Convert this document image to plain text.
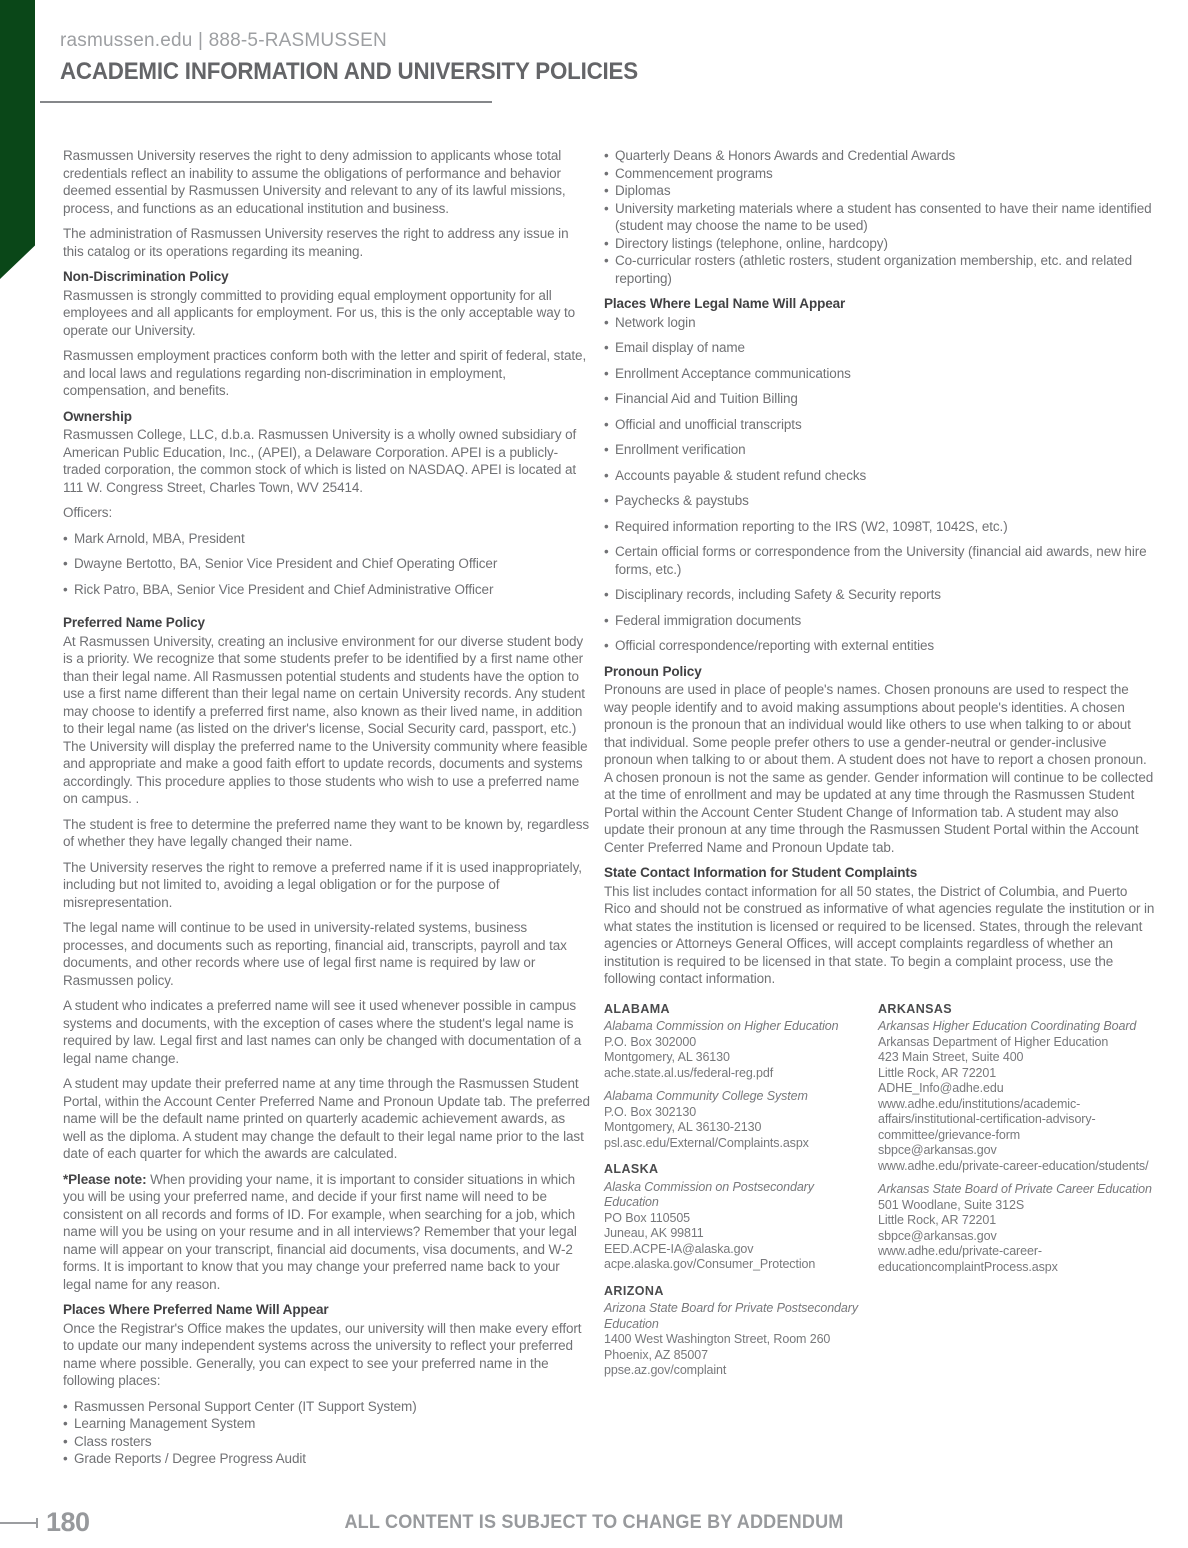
rasmussen.edu | 888-5-RASMUSSEN
ACADEMIC INFORMATION AND UNIVERSITY POLICIES

Rasmussen University reserves the right to deny admission to applicants whose total credentials reflect an inability to assume the obligations of performance and behavior deemed essential by Rasmussen University and relevant to any of its lawful missions, process, and functions as an educational institution and business.

The administration of Rasmussen University reserves the right to address any issue in this catalog or its operations regarding its meaning.

Non-Discrimination Policy

Rasmussen is strongly committed to providing equal employment opportunity for all employees and all applicants for employment. For us, this is the only acceptable way to operate our University.

Rasmussen employment practices conform both with the letter and spirit of federal, state, and local laws and regulations regarding non-discrimination in employment, compensation, and benefits.

Ownership

Rasmussen College, LLC, d.b.a. Rasmussen University is a wholly owned subsidiary of American Public Education, Inc., (APEI), a Delaware Corporation. APEI is a publicly-traded corporation, the common stock of which is listed on NASDAQ. APEI is located at 111 W. Congress Street, Charles Town, WV 25414.

Officers:

• Mark Arnold, MBA, President
• Dwayne Bertotto, BA, Senior Vice President and Chief Operating Officer
• Rick Patro, BBA, Senior Vice President and Chief Administrative Officer
Preferred Name Policy

At Rasmussen University, creating an inclusive environment for our diverse student body is a priority. We recognize that some students prefer to be identified by a first name other than their legal name. All Rasmussen potential students and students have the option to use a first name different than their legal name on certain University records. Any student may choose to identify a preferred first name, also known as their lived name, in addition to their legal name (as listed on the driver's license, Social Security card, passport, etc.) The University will display the preferred name to the University community where feasible and appropriate and make a good faith effort to update records, documents and systems accordingly. This procedure applies to those students who wish to use a preferred name on campus. .

The student is free to determine the preferred name they want to be known by, regardless of whether they have legally changed their name.

The University reserves the right to remove a preferred name if it is used inappropriately, including but not limited to, avoiding a legal obligation or for the purpose of misrepresentation.

The legal name will continue to be used in university-related systems, business processes, and documents such as reporting, financial aid, transcripts, payroll and tax documents, and other records where use of legal first name is required by law or Rasmussen policy.

A student who indicates a preferred name will see it used whenever possible in campus systems and documents, with the exception of cases where the student's legal name is required by law. Legal first and last names can only be changed with documentation of a legal name change.

A student may update their preferred name at any time through the Rasmussen Student Portal, within the Account Center Preferred Name and Pronoun Update tab. The preferred name will be the default name printed on quarterly academic achievement awards, as well as the diploma. A student may change the default to their legal name prior to the last date of each quarter for which the awards are calculated.

*Please note: When providing your name, it is important to consider situations in which you will be using your preferred name, and decide if your first name will need to be consistent on all records and forms of ID. For example, when searching for a job, which name will you be using on your resume and in all interviews? Remember that your legal name will appear on your transcript, financial aid documents, visa documents, and W-2 forms. It is important to know that you may change your preferred name back to your legal name for any reason.

Places Where Preferred Name Will Appear

Once the Registrar's Office makes the updates, our university will then make every effort to update our many independent systems across the university to reflect your preferred name where possible. Generally, you can expect to see your preferred name in the following places:

• Rasmussen Personal Support Center (IT Support System)
• Learning Management System
• Class rosters
• Grade Reports / Degree Progress Audit
• Quarterly Deans & Honors Awards and Credential Awards
• Commencement programs
• Diplomas
• University marketing materials where a student has consented to have their name identified (student may choose the name to be used)
• Directory listings (telephone, online, hardcopy)
• Co-curricular rosters (athletic rosters, student organization membership, etc. and related reporting)
Places Where Legal Name Will Appear
• Network login
• Email display of name
• Enrollment Acceptance communications
• Financial Aid and Tuition Billing
• Official and unofficial transcripts
• Enrollment verification
• Accounts payable & student refund checks
• Paychecks & paystubs
• Required information reporting to the IRS (W2, 1098T, 1042S, etc.)
• Certain official forms or correspondence from the University (financial aid awards, new hire forms, etc.)
• Disciplinary records, including Safety & Security reports
• Federal immigration documents
• Official correspondence/reporting with external entities
Pronoun Policy

Pronouns are used in place of people's names. Chosen pronouns are used to respect the way people identify and to avoid making assumptions about people's identities. A chosen pronoun is the pronoun that an individual would like others to use when talking to or about that individual. Some people prefer others to use a gender-neutral or gender-inclusive pronoun when talking to or about them. A student does not have to report a chosen pronoun. A chosen pronoun is not the same as gender. Gender information will continue to be collected at the time of enrollment and may be updated at any time through the Rasmussen Student Portal within the Account Center Student Change of Information tab. A student may also update their pronoun at any time through the Rasmussen Student Portal within the Account Center Preferred Name and Pronoun Update tab.

State Contact Information for Student Complaints

This list includes contact information for all 50 states, the District of Columbia, and Puerto Rico and should not be construed as informative of what agencies regulate the institution or in what states the institution is licensed or required to be licensed. States, through the relevant agencies or Attorneys General Offices, will accept complaints regardless of whether an institution is required to be licensed in that state. To begin a complaint process, use the following contact information.

ALABAMA
Alabama Commission on Higher Education
P.O. Box 302000
Montgomery, AL 36130
ache.state.al.us/federal-reg.pdf
Alabama Community College System
P.O. Box 302130
Montgomery, AL 36130-2130
psl.asc.edu/External/Complaints.aspx
ALASKA
Alaska Commission on Postsecondary Education
PO Box 110505
Juneau, AK 99811
EED.ACPE-IA@alaska.gov
acpe.alaska.gov/Consumer_Protection
ARIZONA
Arizona State Board for Private Postsecondary Education
1400 West Washington Street, Room 260
Phoenix, AZ 85007
ppse.az.gov/complaint
ARKANSAS
Arkansas Higher Education Coordinating Board
Arkansas Department of Higher Education
423 Main Street, Suite 400
Little Rock, AR 72201
ADHE_Info@adhe.edu
www.adhe.edu/institutions/academic-affairs/institutional-certification-advisory-committee/grievance-form
sbpce@arkansas.gov
www.adhe.edu/private-career-education/students/
Arkansas State Board of Private Career Education
501 Woodlane, Suite 312S
Little Rock, AR 72201
sbpce@arkansas.gov
www.adhe.edu/private-career-educationcomplaintProcess.aspx
180	ALL CONTENT IS SUBJECT TO CHANGE BY ADDENDUM
